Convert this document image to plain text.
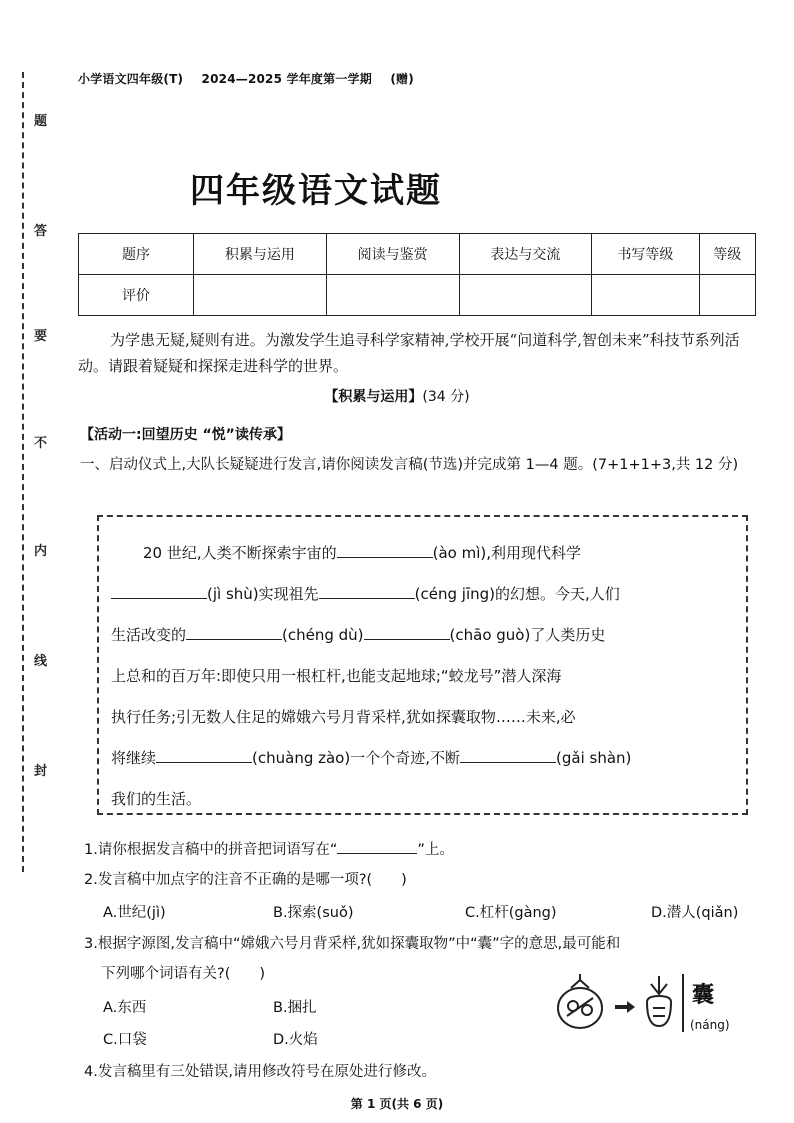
题
答
要
不
内
线
封
小学语文四年级(T) 2024—2025 学年度第一学期 (赠)
四年级语文试题
题序	积累与运用	阅读与鉴赏	表达与交流	书写等级	等级
评价					
为学患无疑,疑则有进。为激发学生追寻科学家精神,学校开展“问道科学,智创未来”科技节系列活动。请跟着疑疑和探探走进科学的世界。
【积累与运用】(34 分)
【活动一:回望历史 “悦”读传承】
一、启动仪式上,大队长疑疑进行发言,请你阅读发言稿(节选)并完成第 1—4 题。(7+1+1+3,共 12 分)
20 世纪,人类不断探索宇宙的	(ào mì),利用现代科学
(jì shù)实现祖先	(céng jīng)的幻想。今天,人们
生活改变的	(chéng dù)	(chāo guò)了人类历史
上总和的百万年:即使只用一根杠杆,也能支起地球;“蛟龙号”潜人深海
执行任务;引无数人住足的嫦娥六号月背采样,犹如探囊取物……未来,必
将继续	(chuàng zào)一个个奇迹,不断	(gǎi shàn)
我们的生活。
1.请你根据发言稿中的拼音把词语写在“	”上。
2.发言稿中加点字的注音不正确的是哪一项?(　　)
A.世纪(jì)	B.探索(suǒ)	C.杠杆(gàng)	D.潜人(qiǎn)
3.根据字源图,发言稿中“嫦娥六号月背采样,犹如探囊取物”中“囊”字的意思,最可能和
下列哪个词语有关?(　　)
A.东西	B.捆扎
C.口袋	D.火焰
4.发言稿里有三处错误,请用修改符号在原处进行修改。
囊
(náng)
第 1 页(共 6 页)
